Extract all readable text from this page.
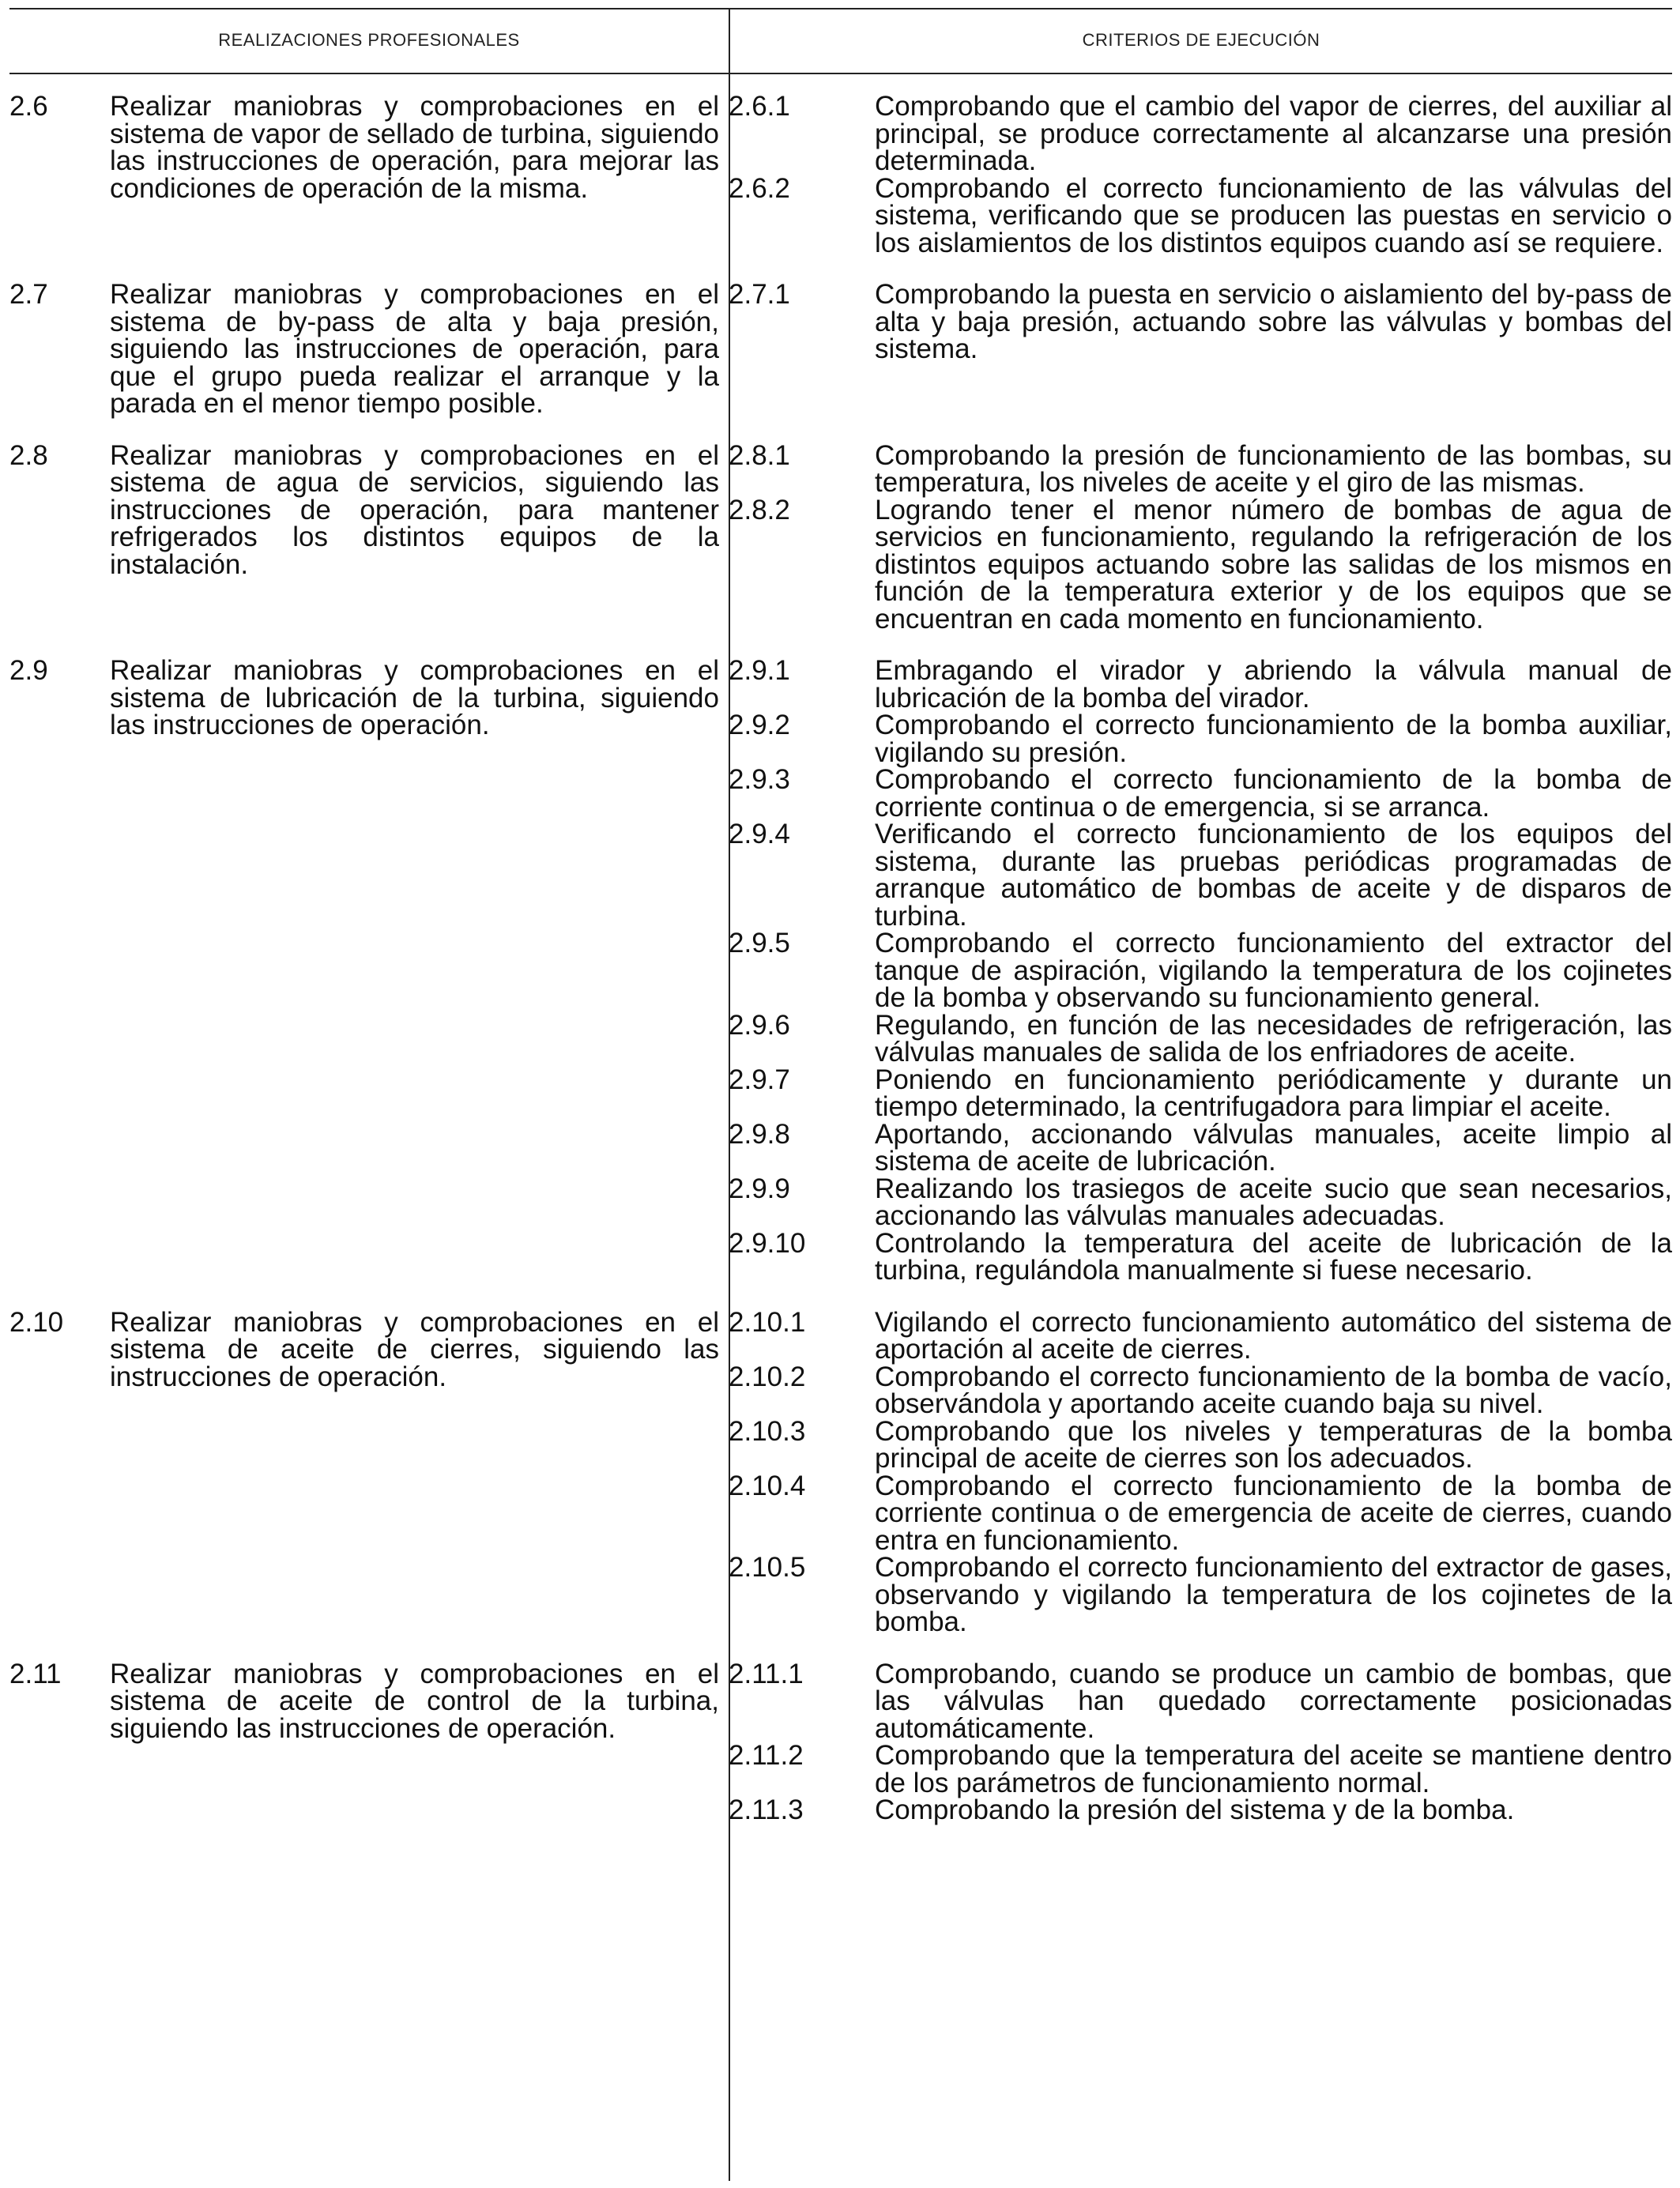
REALIZACIONES PROFESIONALES	CRITERIOS DE EJECUCIÓN
2.6	Realizar maniobras y comprobaciones en el sistema de vapor de sellado de turbina, siguiendo las instrucciones de operación, para mejorar las condiciones de operación de la misma.
2.6.1	Comprobando que el cambio del vapor de cierres, del auxiliar al principal, se produce correctamente al alcanzarse una presión determinada.
2.6.2	Comprobando el correcto funcionamiento de las válvulas del sistema, verificando que se producen las puestas en servicio o los aislamientos de los distintos equipos cuando así se requiere.
2.7	Realizar maniobras y comprobaciones en el sistema de by-pass de alta y baja presión, siguiendo las instrucciones de operación, para que el grupo pueda realizar el arranque y la parada en el menor tiempo posible.
2.7.1	Comprobando la puesta en servicio o aislamiento del by-pass de alta y baja presión, actuando sobre las válvulas y bombas del sistema.
2.8	Realizar maniobras y comprobaciones en el sistema de agua de servicios, siguiendo las instrucciones de operación, para mantener refrigerados los distintos equipos de la instalación.
2.8.1	Comprobando la presión de funcionamiento de las bombas, su temperatura, los niveles de aceite y el giro de las mismas.
2.8.2	Logrando tener el menor número de bombas de agua de servicios en funcionamiento, regulando la refrigeración de los distintos equipos actuando sobre las salidas de los mismos en función de la temperatura exterior y de los equipos que se encuentran en cada momento en funcionamiento.
2.9	Realizar maniobras y comprobaciones en el sistema de lubricación de la turbina, siguiendo las instrucciones de operación.
2.9.1	Embragando el virador y abriendo la válvula manual de lubricación de la bomba del virador.
2.9.2	Comprobando el correcto funcionamiento de la bomba auxiliar, vigilando su presión.
2.9.3	Comprobando el correcto funcionamiento de la bomba de corriente continua o de emergencia, si se arranca.
2.9.4	Verificando el correcto funcionamiento de los equipos del sistema, durante las pruebas periódicas programadas de arranque automático de bombas de aceite y de disparos de turbina.
2.9.5	Comprobando el correcto funcionamiento del extractor del tanque de aspiración, vigilando la temperatura de los cojinetes de la bomba y observando su funcionamiento general.
2.9.6	Regulando, en función de las necesidades de refrigeración, las válvulas manuales de salida de los enfriadores de aceite.
2.9.7	Poniendo en funcionamiento periódicamente y durante un tiempo determinado, la centrifugadora para limpiar el aceite.
2.9.8	Aportando, accionando válvulas manuales, aceite limpio al sistema de aceite de lubricación.
2.9.9	Realizando los trasiegos de aceite sucio que sean necesarios, accionando las válvulas manuales adecuadas.
2.9.10	Controlando la temperatura del aceite de lubricación de la turbina, regulándola manualmente si fuese necesario.
2.10	Realizar maniobras y comprobaciones en el sistema de aceite de cierres, siguiendo las instrucciones de operación.
2.10.1	Vigilando el correcto funcionamiento automático del sistema de aportación al aceite de cierres.
2.10.2	Comprobando el correcto funcionamiento de la bomba de vacío, observándola y aportando aceite cuando baja su nivel.
2.10.3	Comprobando que los niveles y temperaturas de la bomba principal de aceite de cierres son los adecuados.
2.10.4	Comprobando el correcto funcionamiento de la bomba de corriente continua o de emergencia de aceite de cierres, cuando entra en funcionamiento.
2.10.5	Comprobando el correcto funcionamiento del extractor de gases, observando y vigilando la temperatura de los cojinetes de la bomba.
2.11	Realizar maniobras y comprobaciones en el sistema de aceite de control de la turbina, siguiendo las instrucciones de operación.
2.11.1	Comprobando, cuando se produce un cambio de bombas, que las válvulas han quedado correctamente posicionadas automáticamente.
2.11.2	Comprobando que la temperatura del aceite se mantiene dentro de los parámetros de funcionamiento normal.
2.11.3	Comprobando la presión del sistema y de la bomba.
